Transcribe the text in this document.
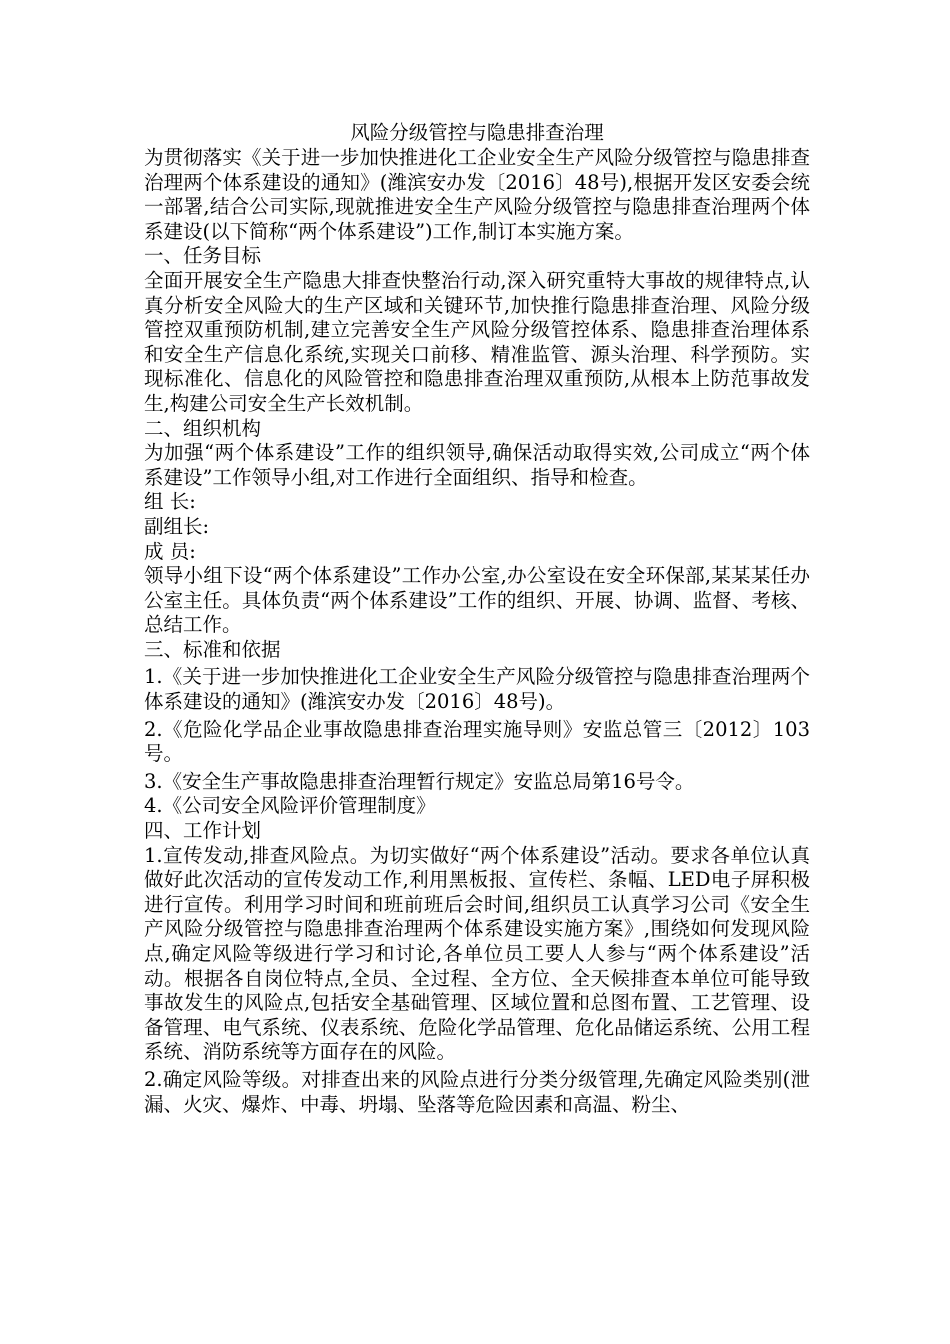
风险分级管控与隐患排查治理

为贯彻落实《关于进一步加快推进化工企业安全生产风险分级管控与隐患排查治理两个体系建设的通知》(潍滨安办发〔2016〕48号),根据开发区安委会统一部署,结合公司实际,现就推进安全生产风险分级管控与隐患排查治理两个体系建设(以下简称“两个体系建设”)工作,制订本实施方案。

一、任务目标

全面开展安全生产隐患大排查快整治行动,深入研究重特大事故的规律特点,认真分析安全风险大的生产区域和关键环节,加快推行隐患排查治理、风险分级管控双重预防机制,建立完善安全生产风险分级管控体系、隐患排查治理体系和安全生产信息化系统,实现关口前移、精准监管、源头治理、科学预防。实现标准化、信息化的风险管控和隐患排查治理双重预防,从根本上防范事故发生,构建公司安全生产长效机制。

二、组织机构

为加强“两个体系建设”工作的组织领导,确保活动取得实效,公司成立“两个体系建设”工作领导小组,对工作进行全面组织、指导和检查。

组 长:

副组长:

成 员:

领导小组下设“两个体系建设”工作办公室,办公室设在安全环保部,某某某任办公室主任。具体负责“两个体系建设”工作的组织、开展、协调、监督、考核、总结工作。

三、标准和依据

1.《关于进一步加快推进化工企业安全生产风险分级管控与隐患排查治理两个体系建设的通知》(潍滨安办发〔2016〕48号)。

2.《危险化学品企业事故隐患排查治理实施导则》安监总管三〔2012〕103号。

3.《安全生产事故隐患排查治理暂行规定》安监总局第16号令。

4.《公司安全风险评价管理制度》

四、工作计划

1.宣传发动,排查风险点。为切实做好“两个体系建设”活动。要求各单位认真做好此次活动的宣传发动工作,利用黑板报、宣传栏、条幅、LED电子屏积极进行宣传。利用学习时间和班前班后会时间,组织员工认真学习公司《安全生产风险分级管控与隐患排查治理两个体系建设实施方案》,围绕如何发现风险点,确定风险等级进行学习和讨论,各单位员工要人人参与“两个体系建设”活动。根据各自岗位特点,全员、全过程、全方位、全天候排查本单位可能导致事故发生的风险点,包括安全基础管理、区域位置和总图布置、工艺管理、设备管理、电气系统、仪表系统、危险化学品管理、危化品储运系统、公用工程系统、消防系统等方面存在的风险。

2.确定风险等级。对排查出来的风险点进行分类分级管理,先确定风险类别(泄漏、火灾、爆炸、中毒、坍塌、坠落等危险因素和高温、粉尘、
